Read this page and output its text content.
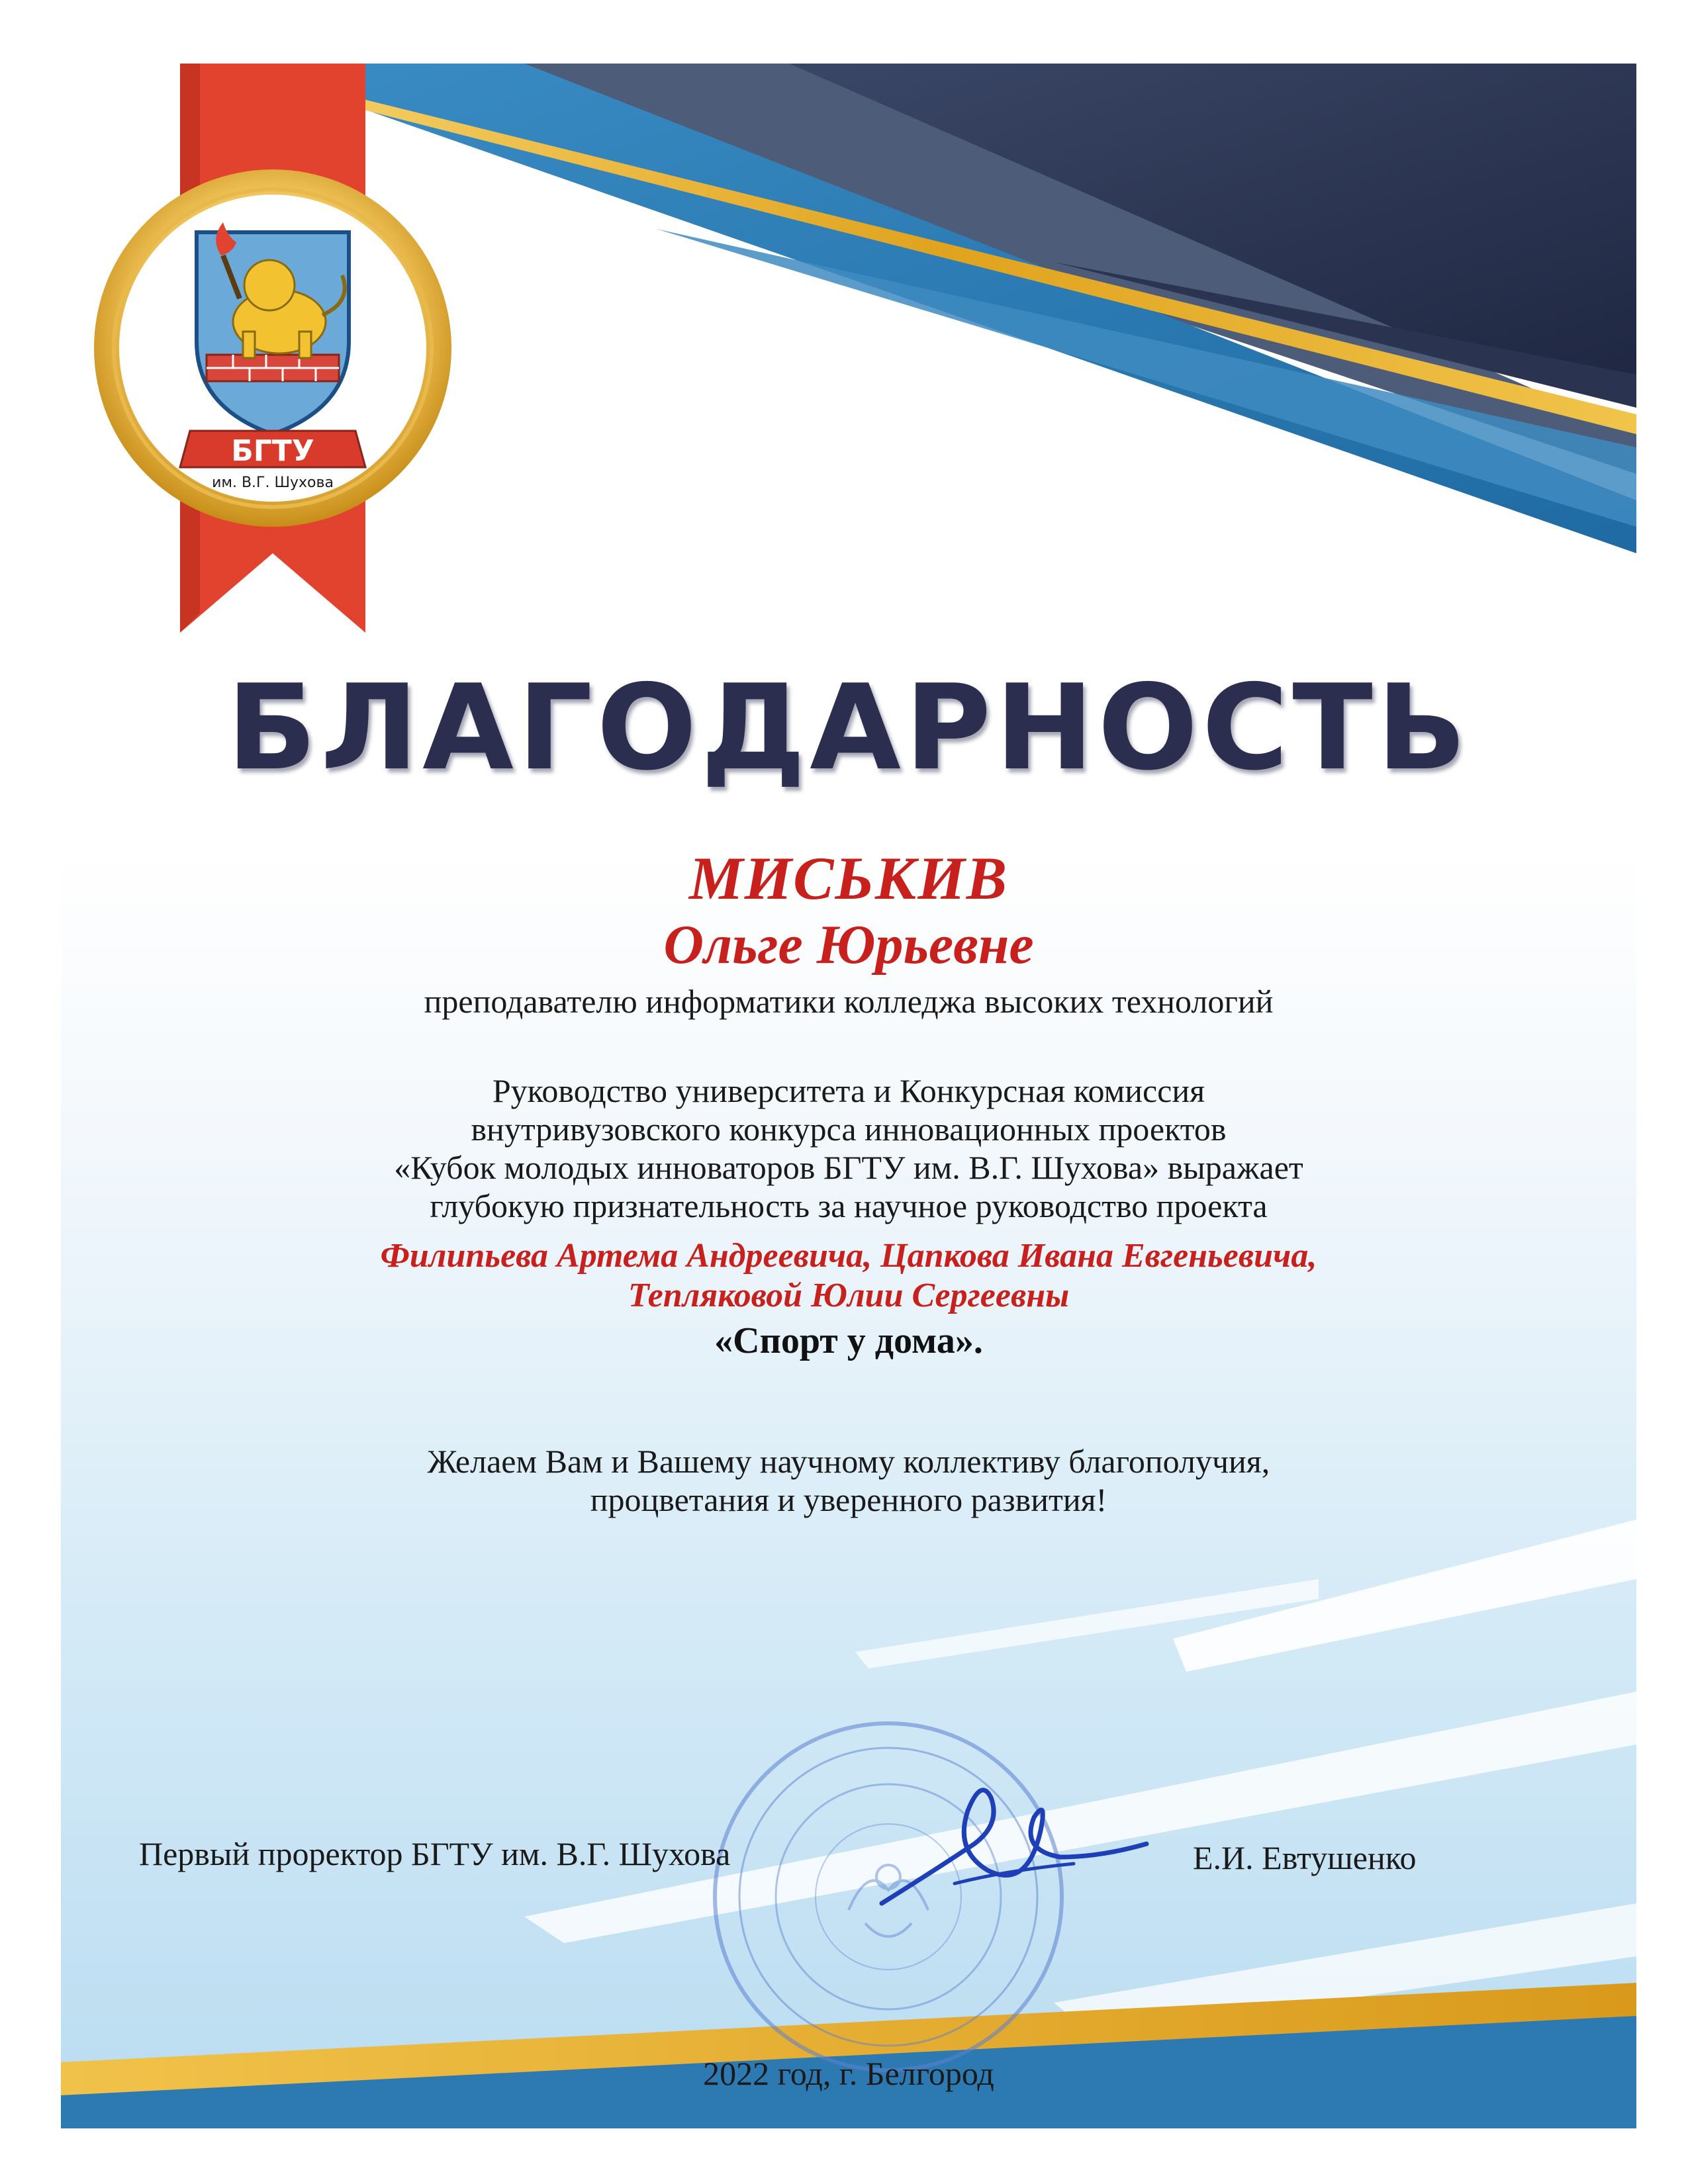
БГТУ
им. В.Г. Шухова
БЛАГОДАРНОСТЬ
МИСЬКИВ
Ольге Юрьевне
преподавателю информатики колледжа высоких технологий
Руководство университета и Конкурсная комиссия
внутривузовского конкурса инновационных проектов
«Кубок молодых инноваторов БГТУ им. В.Г. Шухова» выражает
глубокую признательность за научное руководство проекта
Филипьева Артема Андреевича, Цапкова Ивана Евгеньевича,
Тепляковой Юлии Сергеевны
«Спорт у дома».
Желаем Вам и Вашему научному коллективу благополучия,
процветания и уверенного развития!
Первый проректор БГТУ им. В.Г. Шухова	Е.И. Евтушенко
2022 год, г. Белгород
